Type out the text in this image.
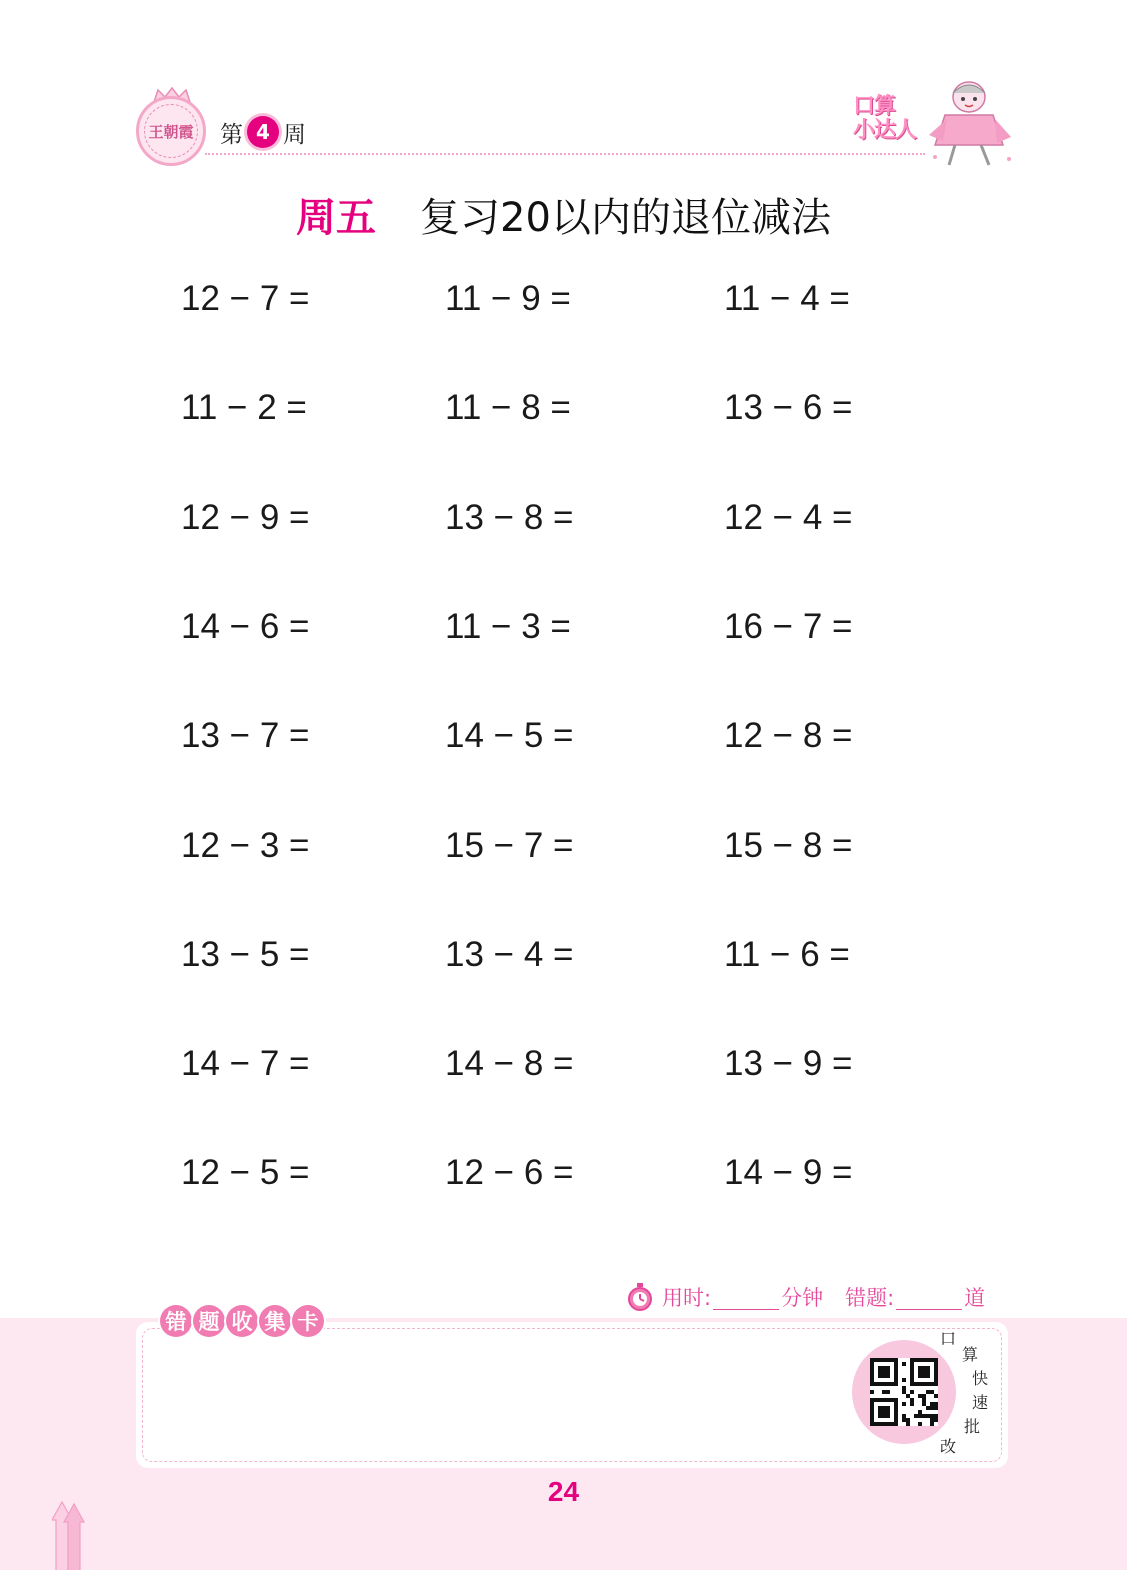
王朝霞 第 4 周
口算
小达人
周五 复习20以内的退位减法
12 − 7 =	11 − 9 =	11 − 4 =
11 − 2 =	11 − 8 =	13 − 6 =
12 − 9 =	13 − 8 =	12 − 4 =
14 − 6 =	11 − 3 =	16 − 7 =
13 − 7 =	14 − 5 =	12 − 8 =
12 − 3 =	15 − 7 =	15 − 8 =
13 − 5 =	13 − 4 =	11 − 6 =
14 − 7 =	14 − 8 =	13 − 9 =
12 − 5 =	12 − 6 =	14 − 9 =
用时:	分钟 错题:	道
错 题 收 集 卡
口
算
快
速
批
改
24
